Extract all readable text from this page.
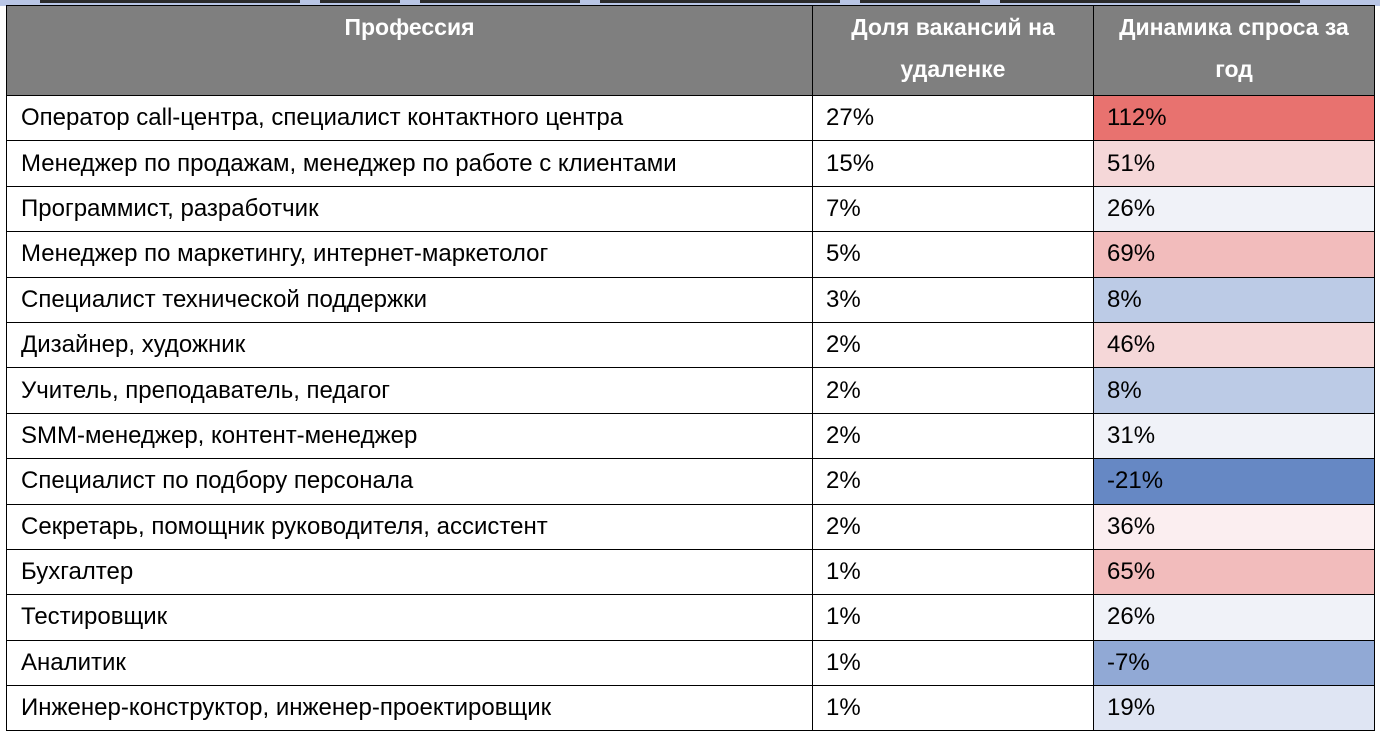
Профессия	Доля вакансий на удаленке	Динамика спроса за год
Оператор call-центра, специалист контактного центра	27%	112%
Менеджер по продажам, менеджер по работе с клиентами	15%	51%
Программист, разработчик	7%	26%
Менеджер по маркетингу, интернет-маркетолог	5%	69%
Специалист технической поддержки	3%	8%
Дизайнер, художник	2%	46%
Учитель, преподаватель, педагог	2%	8%
SMM-менеджер, контент-менеджер	2%	31%
Специалист по подбору персонала	2%	-21%
Секретарь, помощник руководителя, ассистент	2%	36%
Бухгалтер	1%	65%
Тестировщик	1%	26%
Аналитик	1%	-7%
Инженер-конструктор, инженер-проектировщик	1%	19%
